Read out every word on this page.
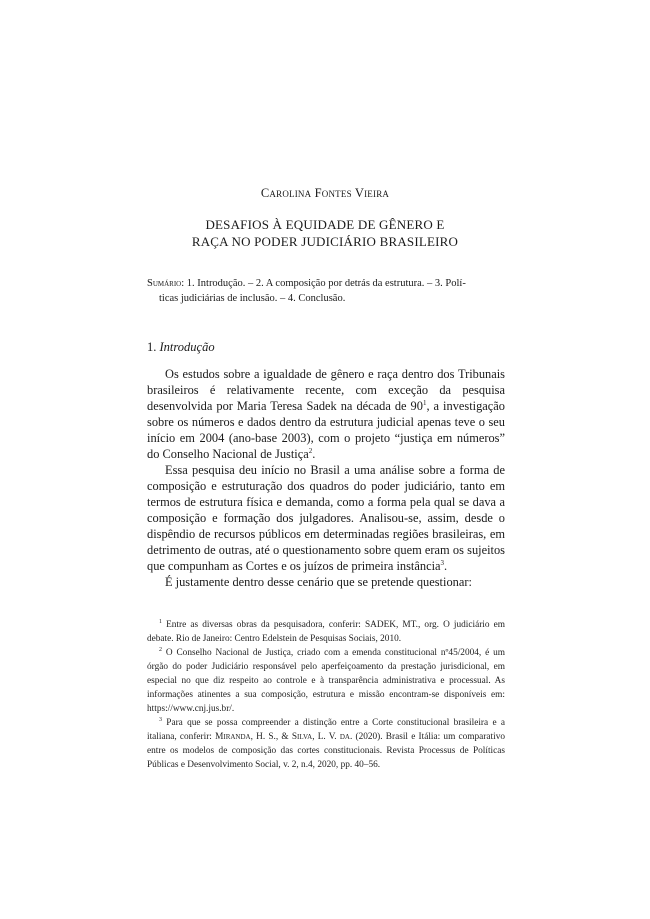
Carolina Fontes Vieira
DESAFIOS À EQUIDADE DE GÊNERO E
RAÇA NO PODER JUDICIÁRIO BRASILEIRO
Sumário: 1. Introdução. – 2. A composição por detrás da estrutura. – 3. Polí-
ticas judiciárias de inclusão. – 4. Conclusão.
1. Introdução

Os estudos sobre a igualdade de gênero e raça dentro dos Tribunais brasileiros é relativamente recente, com exceção da pesquisa desenvolvida por Maria Teresa Sadek na década de $90^1$, a investigação sobre os números e dados dentro da estrutura judicial apenas teve o seu início em 2004 (ano-base 2003), com o projeto “justiça em números” do Conselho Nacional de Justiça$^2$.

Essa pesquisa deu início no Brasil a uma análise sobre a forma de composição e estruturação dos quadros do poder judiciário, tanto em termos de estrutura física e demanda, como a forma pela qual se dava a composição e formação dos julgadores. Analisou-se, assim, desde o dispêndio de recursos públicos em determinadas regiões brasileiras, em detrimento de outras, até o questionamento sobre quem eram os sujeitos que compunham as Cortes e os juízos de primeira instância$^3$.

É justamente dentro desse cenário que se pretende questionar:

$^1$ Entre as diversas obras da pesquisadora, conferir: SADEK, MT., org. O judiciário em debate. Rio de Janeiro: Centro Edelstein de Pesquisas Sociais, 2010.

$^2$ O Conselho Nacional de Justiça, criado com a emenda constitucional nº45/2004, é um órgão do poder Judiciário responsável pelo aperfeiçoamento da prestação jurisdicional, em especial no que diz respeito ao controle e à transparência administrativa e processual. As informações atinentes a sua composição, estrutura e missão encontram-se disponíveis em: https://www.cnj.jus.br/.

$^3$ Para que se possa compreender a distinção entre a Corte constitucional brasileira e a italiana, conferir: Miranda, H. S., & Silva, L. V. da. (2020). Brasil e Itália: um comparativo entre os modelos de composição das cortes constitucionais. Revista Processus de Políticas Públicas e Desenvolvimento Social, v. 2, n.4, 2020, pp. 40–56.
